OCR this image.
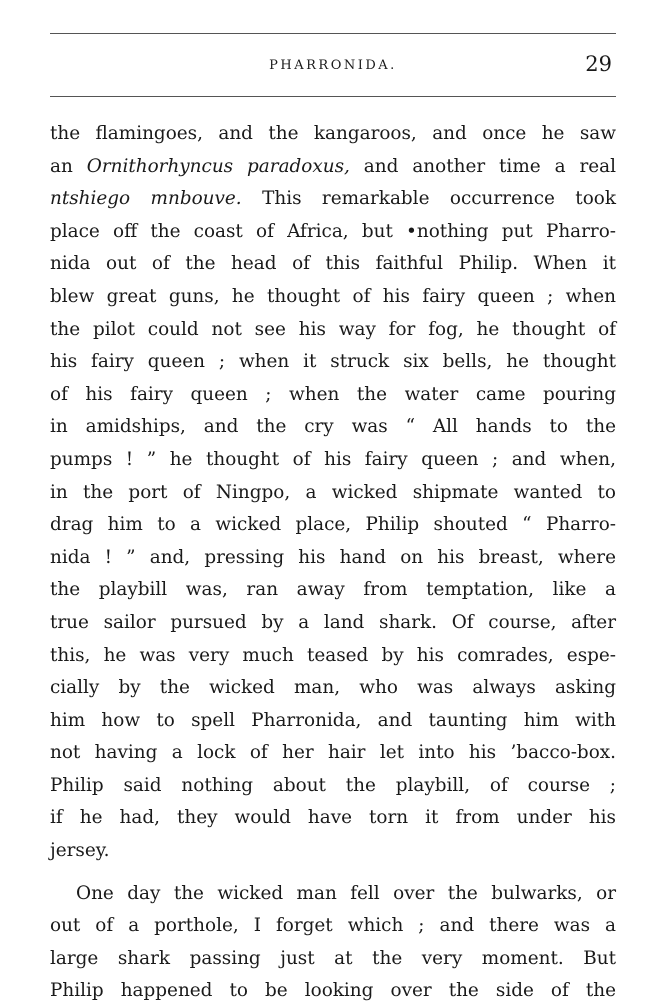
PHARRONIDA.	29
the flamingoes, and the kangaroos, and once he saw
an Ornithorhyncus paradoxus, and another time a real
ntshiego mnbouve. This remarkable occurrence took
place off the coast of Africa, but •nothing put Pharro-
nida out of the head of this faithful Philip. When it
blew great guns, he thought of his fairy queen ; when
the pilot could not see his way for fog, he thought of
his fairy queen ; when it struck six bells, he thought
of his fairy queen ; when the water came pouring
in amidships, and the cry was “ All hands to the
pumps ! ” he thought of his fairy queen ; and when,
in the port of Ningpo, a wicked shipmate wanted to
drag him to a wicked place, Philip shouted “ Pharro-
nida ! ” and, pressing his hand on his breast, where
the playbill was, ran away from temptation, like a
true sailor pursued by a land shark. Of course, after
this, he was very much teased by his comrades, espe-
cially by the wicked man, who was always asking
him how to spell Pharronida, and taunting him with
not having a lock of her hair let into his ’bacco-box.
Philip said nothing about the playbill, of course ;
if he had, they would have torn it from under his
jersey.
One day the wicked man fell over the bulwarks, or
out of a porthole, I forget which ; and there was a
large shark passing just at the very moment. But
Philip happened to be looking over the side of the
